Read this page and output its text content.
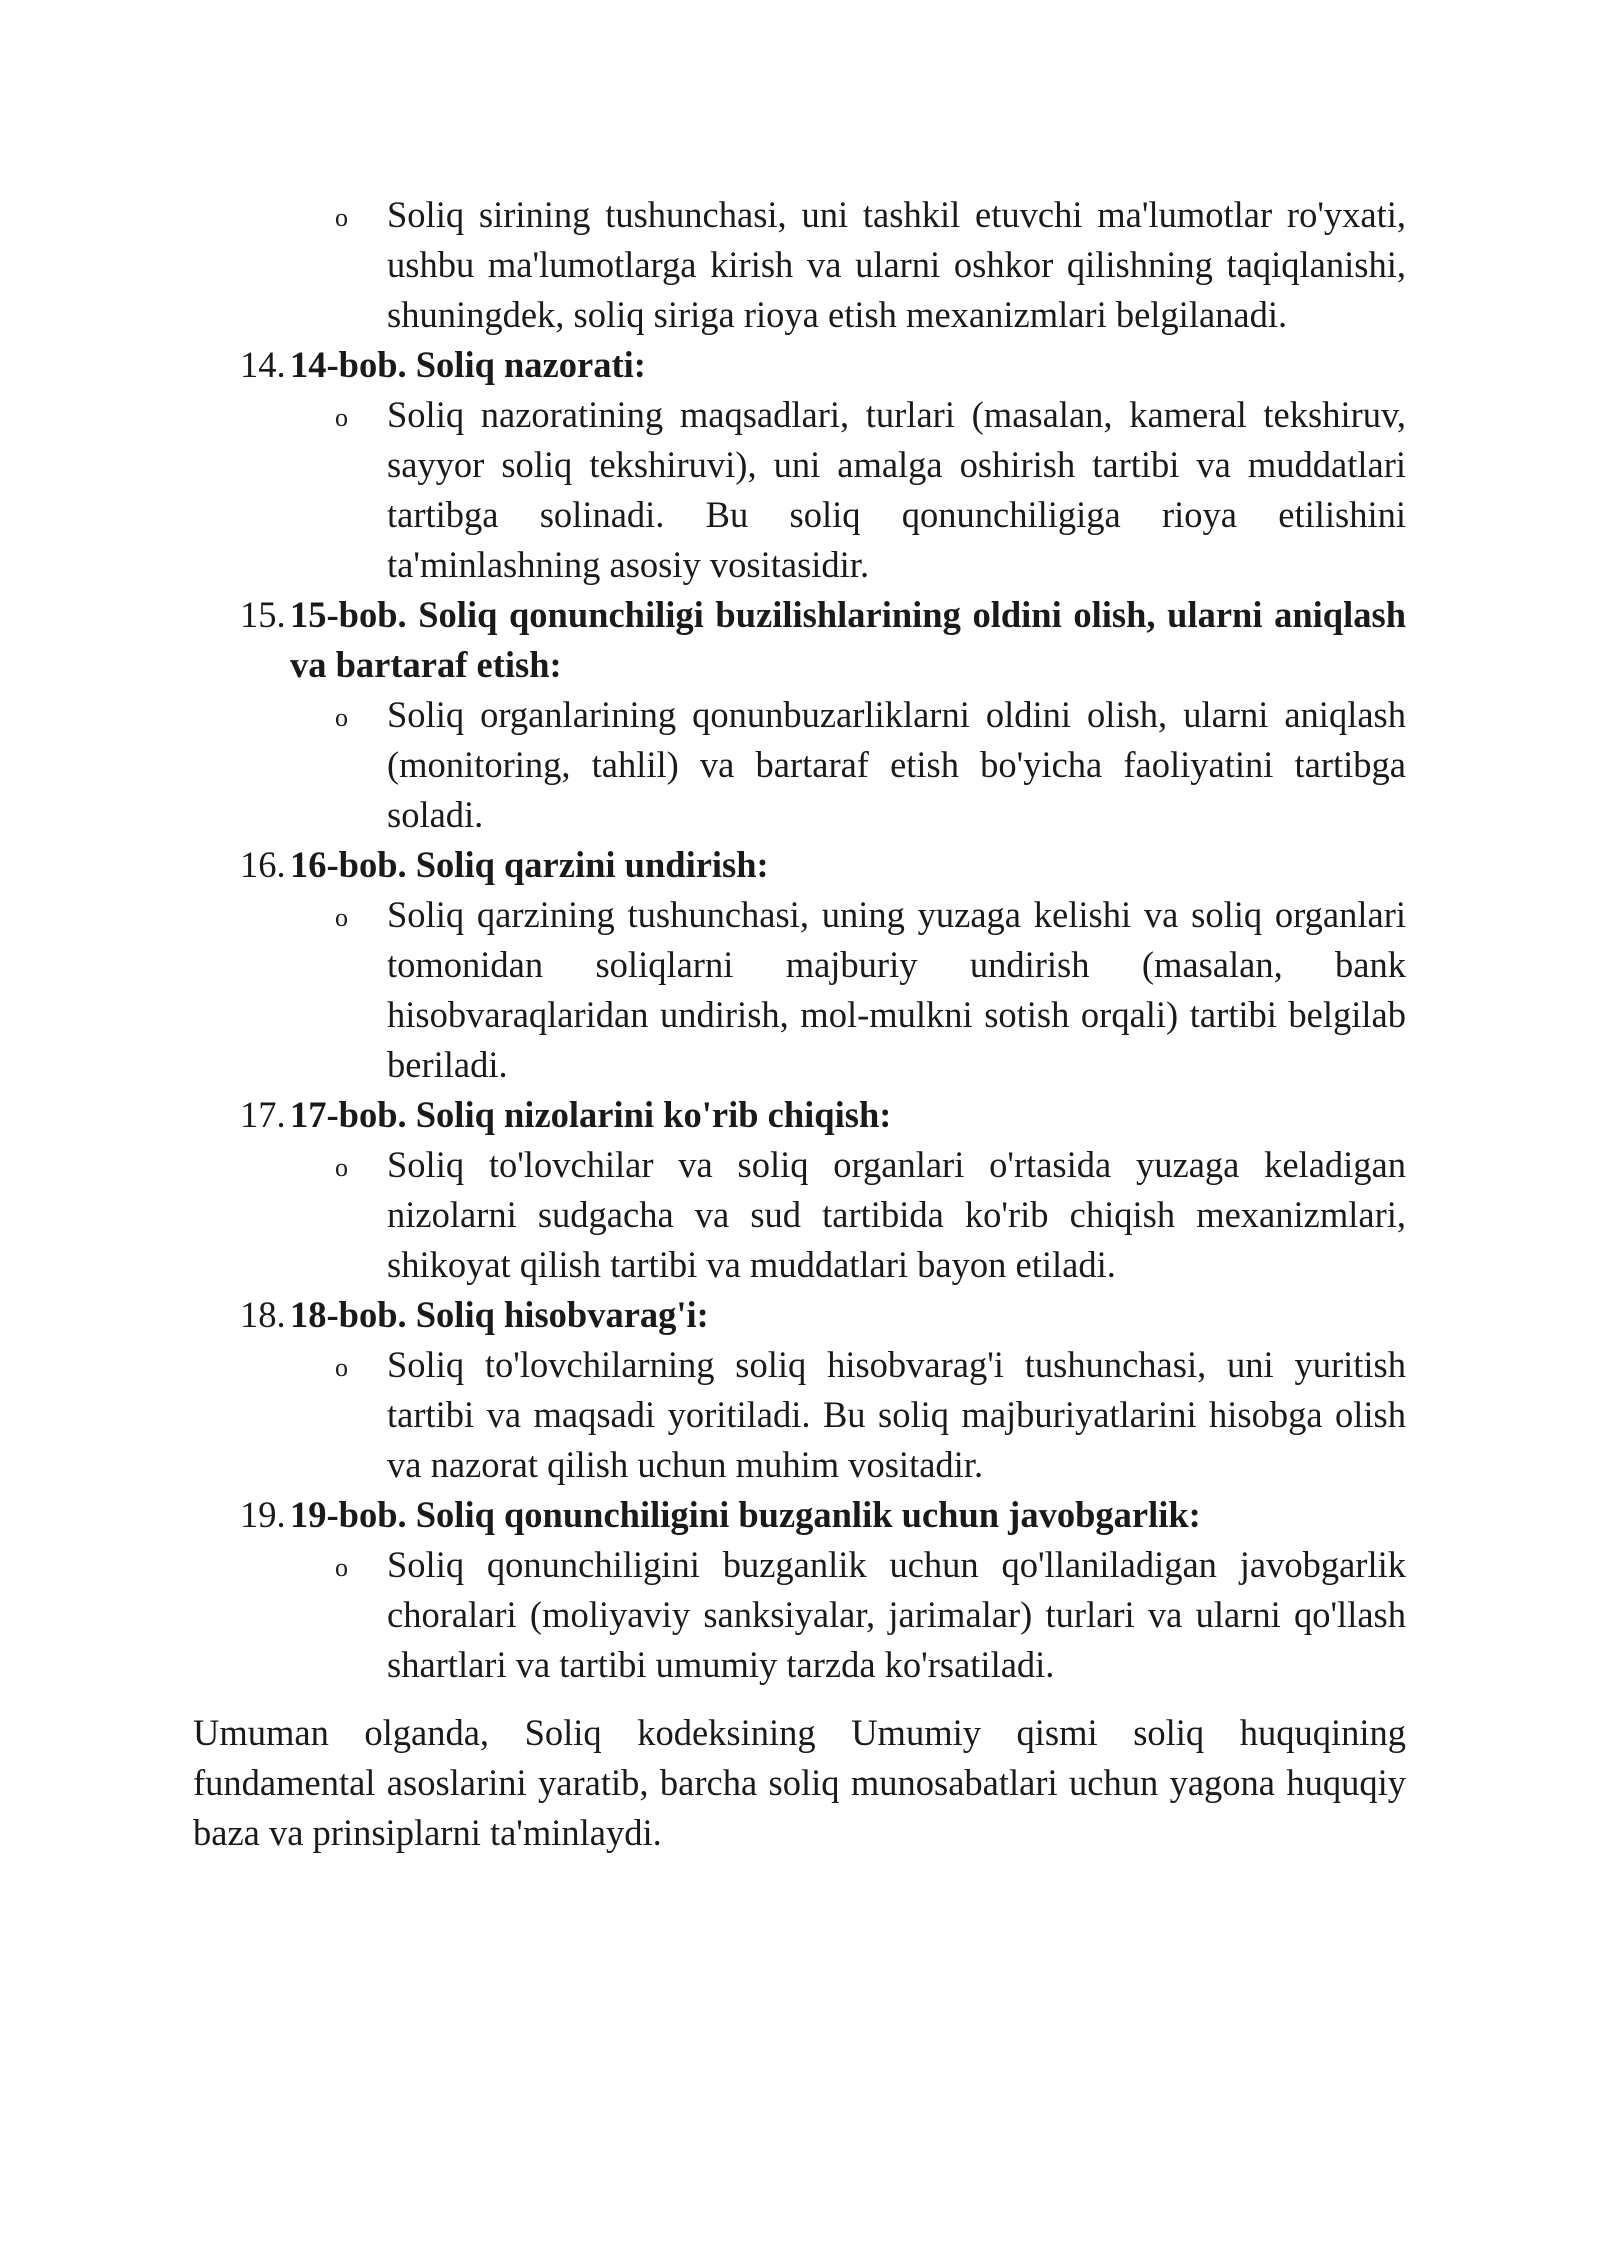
o Soliq sirining tushunchasi, uni tashkil etuvchi ma'lumotlar ro'yxati, ushbu ma'lumotlarga kirish va ularni oshkor qilishning taqiqlanishi, shuningdek, soliq siriga rioya etish mexanizmlari belgilanadi.
14. 14-bob. Soliq nazorati:
o Soliq nazoratining maqsadlari, turlari (masalan, kameral tekshiruv, sayyor soliq tekshiruvi), uni amalga oshirish tartibi va muddatlari tartibga solinadi. Bu soliq qonunchiligiga rioya etilishini ta'minlashning asosiy vositasidir.
15. 15-bob. Soliq qonunchiligi buzilishlarining oldini olish, ularni aniqlash va bartaraf etish:
o Soliq organlarining qonunbuzarliklarni oldini olish, ularni aniqlash (monitoring, tahlil) va bartaraf etish bo'yicha faoliyatini tartibga soladi.
16. 16-bob. Soliq qarzini undirish:
o Soliq qarzining tushunchasi, uning yuzaga kelishi va soliq organlari tomonidan soliqlarni majburiy undirish (masalan, bank hisobvaraqlaridan undirish, mol-mulkni sotish orqali) tartibi belgilab beriladi.
17. 17-bob. Soliq nizolarini ko'rib chiqish:
o Soliq to'lovchilar va soliq organlari o'rtasida yuzaga keladigan nizolarni sudgacha va sud tartibida ko'rib chiqish mexanizmlari, shikoyat qilish tartibi va muddatlari bayon etiladi.
18. 18-bob. Soliq hisobvarag'i:
o Soliq to'lovchilarning soliq hisobvarag'i tushunchasi, uni yuritish tartibi va maqsadi yoritiladi. Bu soliq majburiyatlarini hisobga olish va nazorat qilish uchun muhim vositadir.
19. 19-bob. Soliq qonunchiligini buzganlik uchun javobgarlik:
o Soliq qonunchiligini buzganlik uchun qo'llaniladigan javobgarlik choralari (moliyaviy sanksiyalar, jarimalar) turlari va ularni qo'llash shartlari va tartibi umumiy tarzda ko'rsatiladi.

Umuman olganda, Soliq kodeksining Umumiy qismi soliq huquqining fundamental asoslarini yaratib, barcha soliq munosabatlari uchun yagona huquqiy baza va prinsiplarni ta'minlaydi.
